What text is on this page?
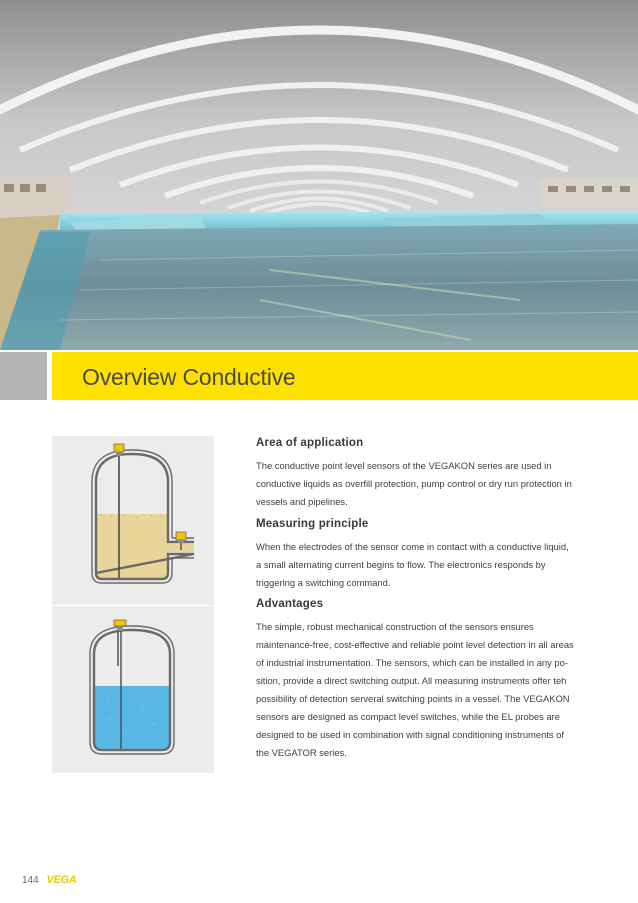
Overview Conductive
Area of application

The conductive point level sensors of the VEGAKON series are used in
conductive liquids as overfill protection, pump control or dry run protection in
vessels and pipelines.

Measuring principle

When the electrodes of the sensor come in contact with a conductive liquid,
a small alternating current begins to flow. The electronics responds by
triggering a switching command.

Advantages

The simple, robust mechanical construction of the sensors ensures
maintenance-free, cost-effective and reliable point level detection in all areas
of industrial instrumentation. The sensors, which can be installed in any po-
sition, provide a direct switching output. All measuring instruments offer teh
possibility of detection serveral switching points in a vessel. The VEGAKON
sensors are designed as compact level switches, while the EL probes are
designed to be used in combination with signal conditioning instruments of
the VEGATOR series.

144 VEGA
